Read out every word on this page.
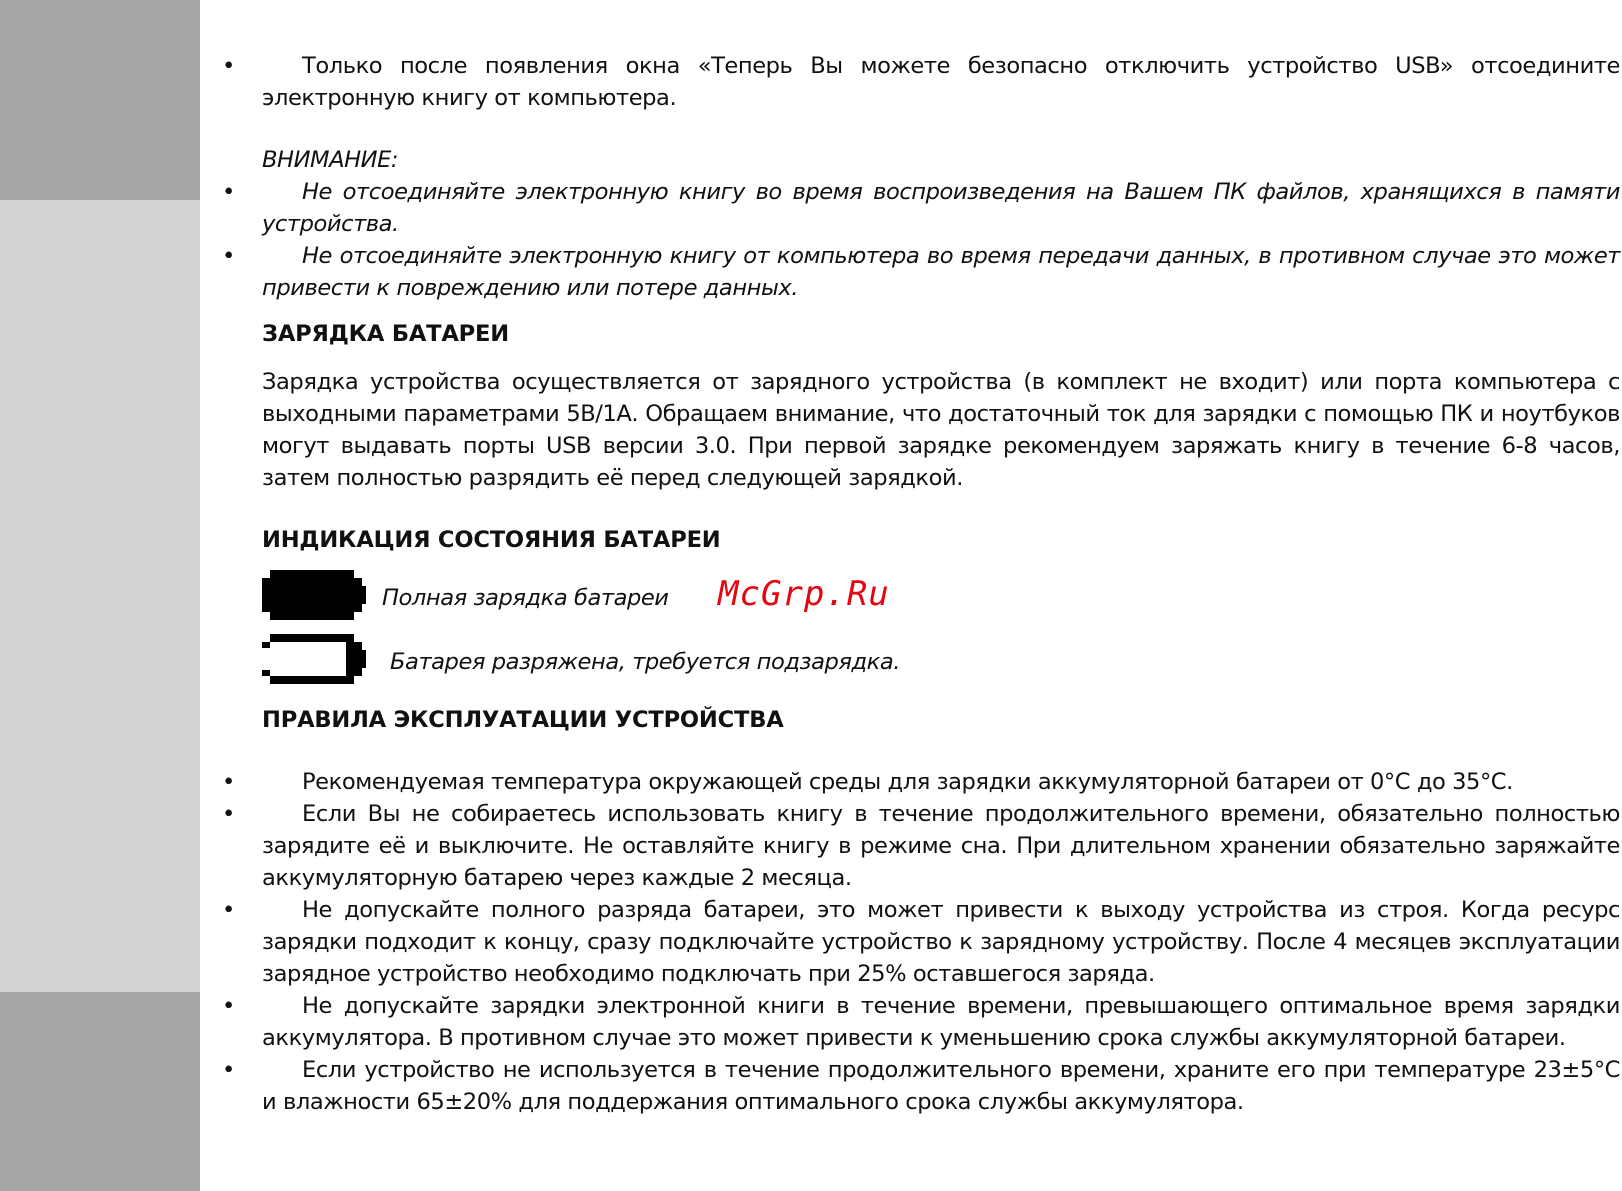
•
Только после появления окна «Теперь Вы можете безопасно отключить устройство USB» отсоедините электронную книгу от компьютера.

ВНИМАНИЕ:

•
Не отсоединяйте электронную книгу во время воспроизведения на Вашем ПК файлов, хранящихся в памяти устройства.

•
Не отсоединяйте электронную книгу от компьютера во время передачи данных, в противном случае это может привести к повреждению или потере данных.

ЗАРЯДКА БАТАРЕИ

Зарядка устройства осуществляется от зарядного устройства (в комплект не входит) или порта компьютера с выходными параметрами 5В/1А. Обращаем внимание, что достаточный ток для зарядки с помощью ПК и ноутбуков могут выдавать порты USB версии 3.0. При первой зарядке рекомендуем заряжать книгу в течение 6-8 часов, затем полностью разрядить её перед следующей зарядкой.

ИНДИКАЦИЯ СОСТОЯНИЯ БАТАРЕИ
Полная зарядка батареи McGrp.Ru
Батарея разряжена, требуется подзарядка.
ПРАВИЛА ЭКСПЛУАТАЦИИ УСТРОЙСТВА

•
Рекомендуемая температура окружающей среды для зарядки аккумуляторной батареи от 0°С до 35°С.

•
Если Вы не собираетесь использовать книгу в течение продолжительного времени, обязательно полностью зарядите её и выключите. Не оставляйте книгу в режиме сна. При длительном хранении обязательно заряжайте аккумуляторную батарею через каждые 2 месяца.

•
Не допускайте полного разряда батареи, это может привести к выходу устройства из строя. Когда ресурс зарядки подходит к концу, сразу подключайте устройство к зарядному устройству. После 4 месяцев эксплуатации зарядное устройство необходимо подключать при 25% оставшегося заряда.

•
Не допускайте зарядки электронной книги в течение времени, превышающего оптимальное время зарядки аккумулятора. В противном случае это может привести к уменьшению срока службы аккумуляторной батареи.

•
Если устройство не используется в течение продолжительного времени, храните его при температуре 23±5°С и влажности 65±20% для поддержания оптимального срока службы аккумулятора.
